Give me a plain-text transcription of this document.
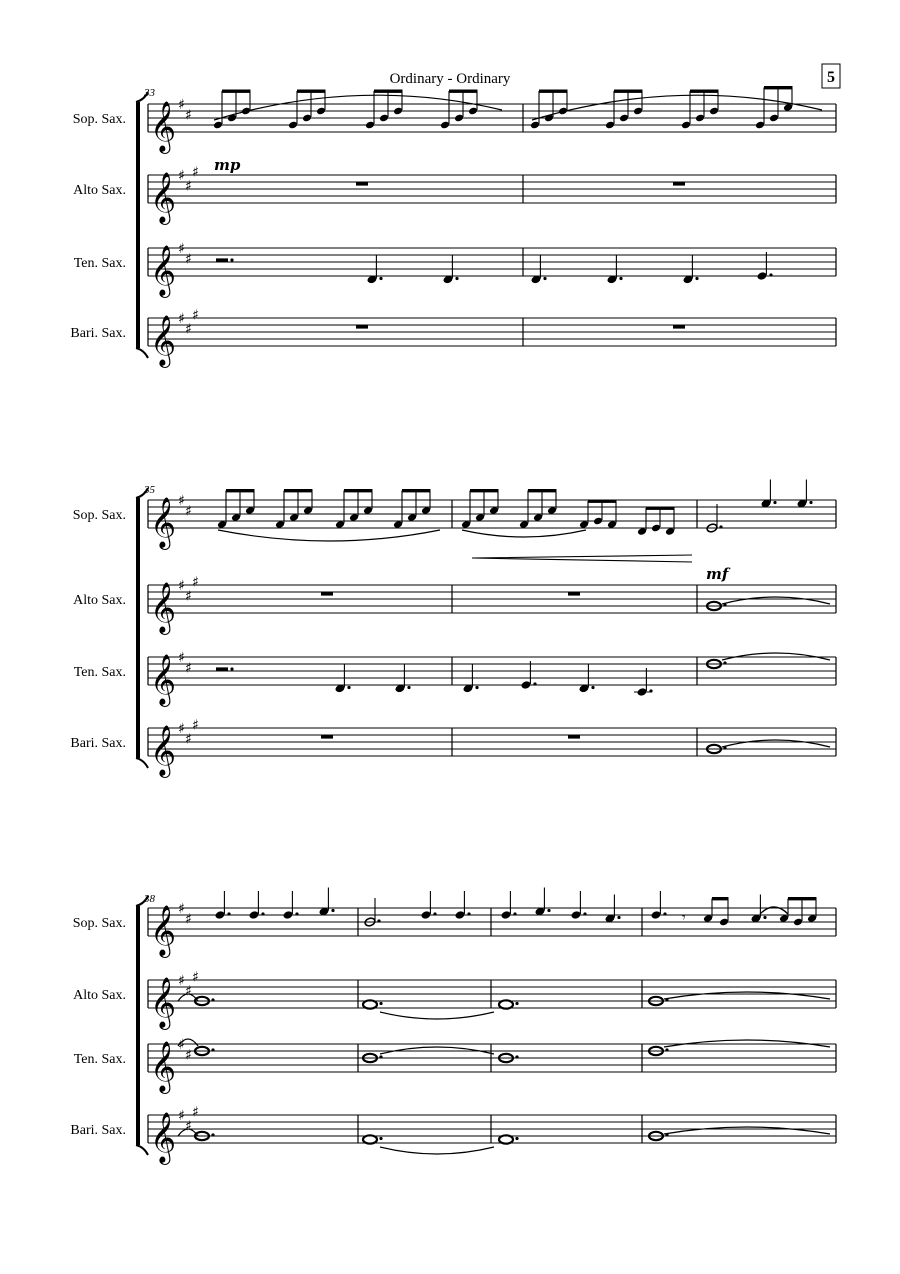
Ordinary - Ordinary	5
33
Sop. Sax. 𝄞 ♯
♯
Alto Sax. 𝄞 ♯
♯
♯
Ten. Sax. 𝄞 ♯
♯
Bari. Sax. 𝄞 ♯
♯
♯
35
Sop. Sax. 𝄞 ♯
♯
Alto Sax. 𝄞 ♯
♯
♯
Ten. Sax. 𝄞 ♯
♯
Bari. Sax. 𝄞 ♯
♯
♯
38
Sop. Sax. 𝄞 ♯
♯
Alto Sax. 𝄞 ♯
♯
♯
Ten. Sax. 𝄞 ♯
♯
Bari. Sax. 𝄞 ♯
♯
♯
mp
mf
𝄾
